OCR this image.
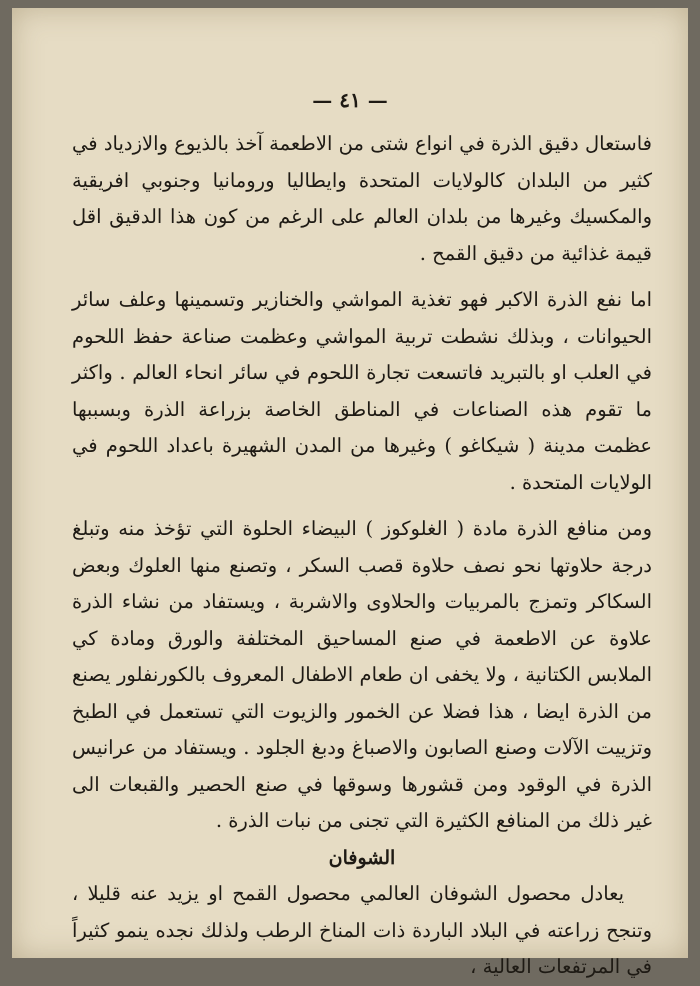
— ٤١ —

فاستعال دقيق الذرة في انواع شتى من الاطعمة آخذ بالذيوع والازدياد في كثير من البلدان كالولايات المتحدة وايطاليا ورومانيا وجنوبي افريقية والمكسيك وغيرها من بلدان العالم على الرغم من كون هذا الدقيق اقل قيمة غذائية من دقيق القمح .

اما نفع الذرة الاكبر فهو تغذية المواشي والخنازير وتسمينها وعلف سائر الحيوانات ، وبذلك نشطت تربية المواشي وعظمت صناعة حفظ اللحوم في العلب او بالتبريد فاتسعت تجارة اللحوم في سائر انحاء العالم . واكثر ما تقوم هذه الصناعات في المناطق الخاصة بزراعة الذرة وبسببها عظمت مدينة ( شيكاغو ) وغيرها من المدن الشهيرة باعداد اللحوم في الولايات المتحدة .

ومن منافع الذرة مادة ( الغلوكوز ) البيضاء الحلوة التي تؤخذ منه وتبلغ درجة حلاوتها نحو نصف حلاوة قصب السكر ، وتصنع منها العلوك وبعض السكاكر وتمزج بالمربيات والحلاوى والاشربة ، ويستفاد من نشاء الذرة علاوة عن الاطعمة في صنع المساحيق المختلفة والورق ومادة كي الملابس الكتانية ، ولا يخفى ان طعام الاطفال المعروف بالكورنفلور يصنع من الذرة ايضا ، هذا فضلا عن الخمور والزيوت التي تستعمل في الطبخ وتزييت الآلات وصنع الصابون والاصباغ ودبغ الجلود . ويستفاد من عرانيس الذرة في الوقود ومن قشورها وسوقها في صنع الحصير والقبعات الى غير ذلك من المنافع الكثيرة التي تجنى من نبات الذرة .

الشوفان

يعادل محصول الشوفان العالمي محصول القمح او يزيد عنه قليلا ، وتنجح زراعته في البلاد الباردة ذات المناخ الرطب ولذلك نجده ينمو كثيراً في المرتفعات العالية ،
